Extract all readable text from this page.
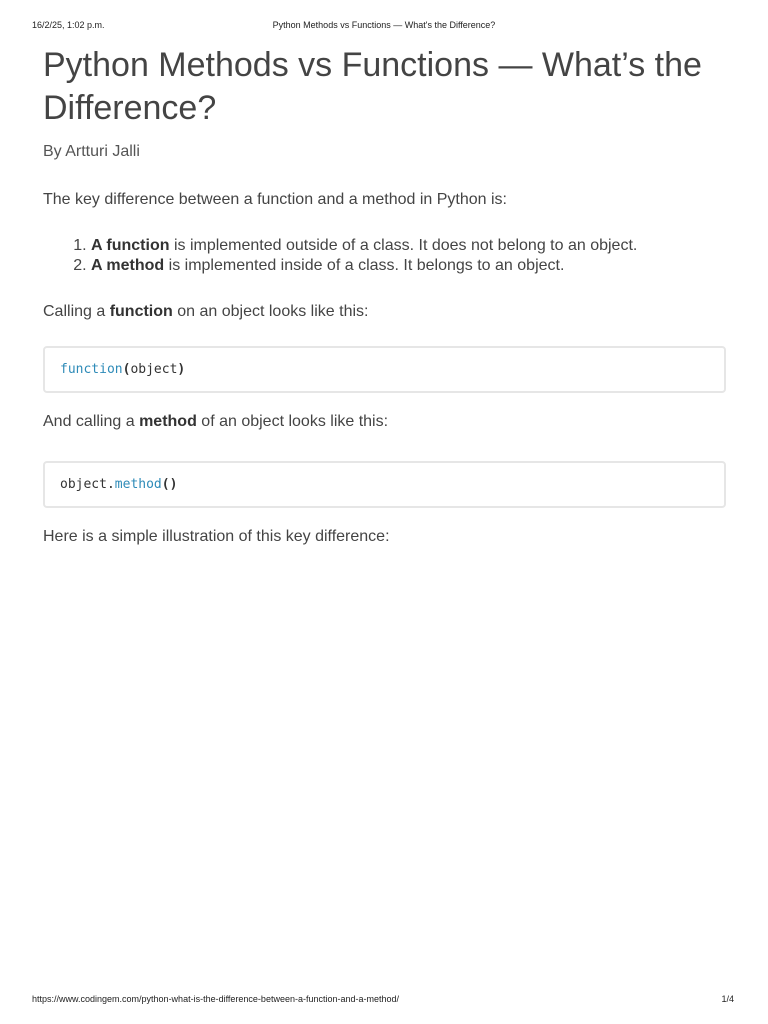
16/2/25, 1:02 p.m.	Python Methods vs Functions — What's the Difference?
Python Methods vs Functions — What’s the Difference?
By Artturi Jalli

The key difference between a function and a method in Python is:

1. A function is implemented outside of a class. It does not belong to an object.
2. A method is implemented inside of a class. It belongs to an object.

Calling a function on an object looks like this:

function ( object )

And calling a method of an object looks like this:

object . method ()

Here is a simple illustration of this key difference:

https://www.codingem.com/python-what-is-the-difference-between-a-function-and-a-method/	1/4
